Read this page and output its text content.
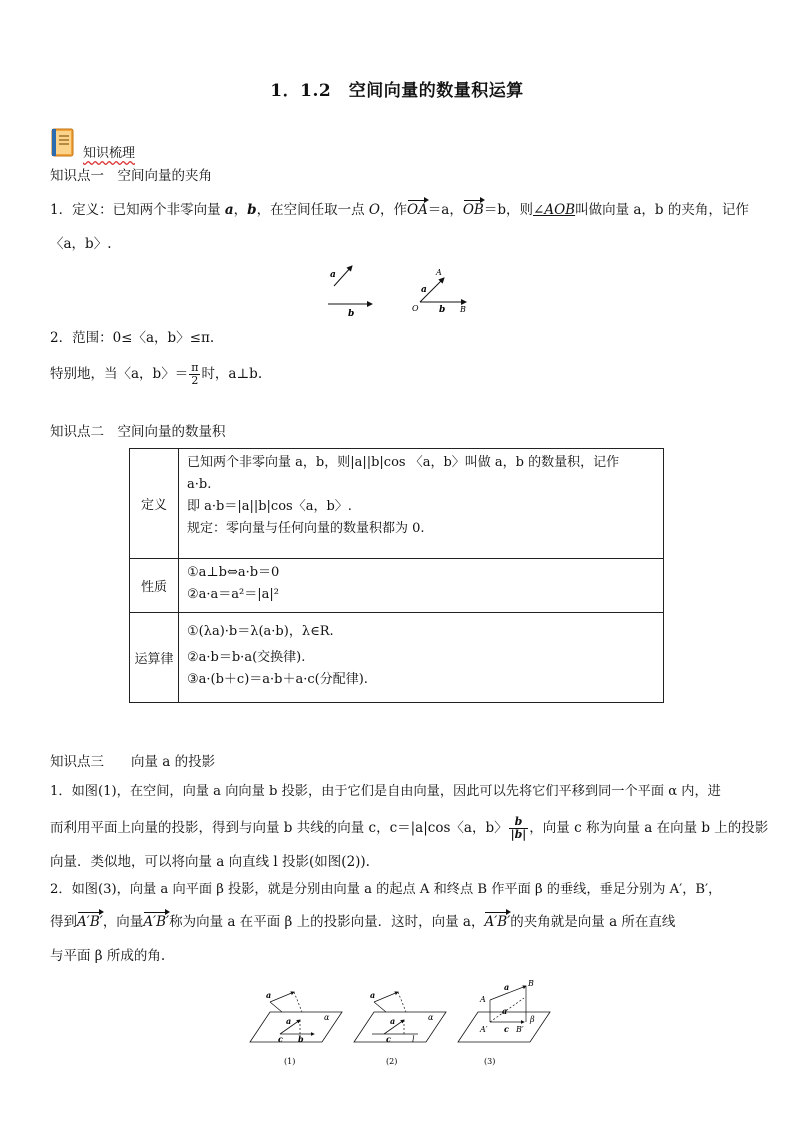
1．1.2　空间向量的数量积运算
知识梳理
知识点一　空间向量的夹角
1．定义：已知两个非零向量 a，b，在空间任取一点 O，作OA＝a，OB＝b，则∠AOB叫做向量 a，b 的夹角，记作
〈a，b〉.
a
b
A
a
O b B
2．范围：0≤〈a，b〉≤π.
特别地，当〈a，b〉＝ $\frac{\pi}{2}$ 时，a⊥b.
知识点二　空间向量的数量积
定义	已知两个非零向量 a，b，则|a||b|cos 〈a，b〉叫做 a，b 的数量积，记作
a·b.
即 a·b＝|a||b|cos〈a，b〉.
规定：零向量与任何向量的数量积都为 0.

性质	①a⊥b⇔a·b＝0
②a·a＝a²＝|a|²

运算律	①(λa)·b＝λ(a·b)，λ∈R.
②a·b＝b·a(交换律).
③a·(b＋c)＝a·b＋a·c(分配律).
知识点三　　向量 a 的投影
1．如图(1)，在空间，向量 a 向向量 b 投影，由于它们是自由向量，因此可以先将它们平移到同一个平面 α 内，进
而利用平面上向量的投影，得到与向量 b 共线的向量 c，c＝|a|cos〈a，b〉 $\frac{b}{|b|}$ ，向量 c 称为向量 a 在向量 b 上的投影
向量．类似地，可以将向量 a 向直线 l 投影(如图(2)).
2．如图(3)，向量 a 向平面 β 投影，就是分别由向量 a 的起点 A 和终点 B 作平面 β 的垂线，垂足分别为 A′，B′，
得到A′B′，向量A′B′称为向量 a 在平面 β 上的投影向量．这时，向量 a，A′B′的夹角就是向量 a 所在直线
与平面 β 所成的角.
a
a
c b
α
(1)
a
a
c	l
α
(2)
A
B
a
a
A′ c B′
β
(3)
